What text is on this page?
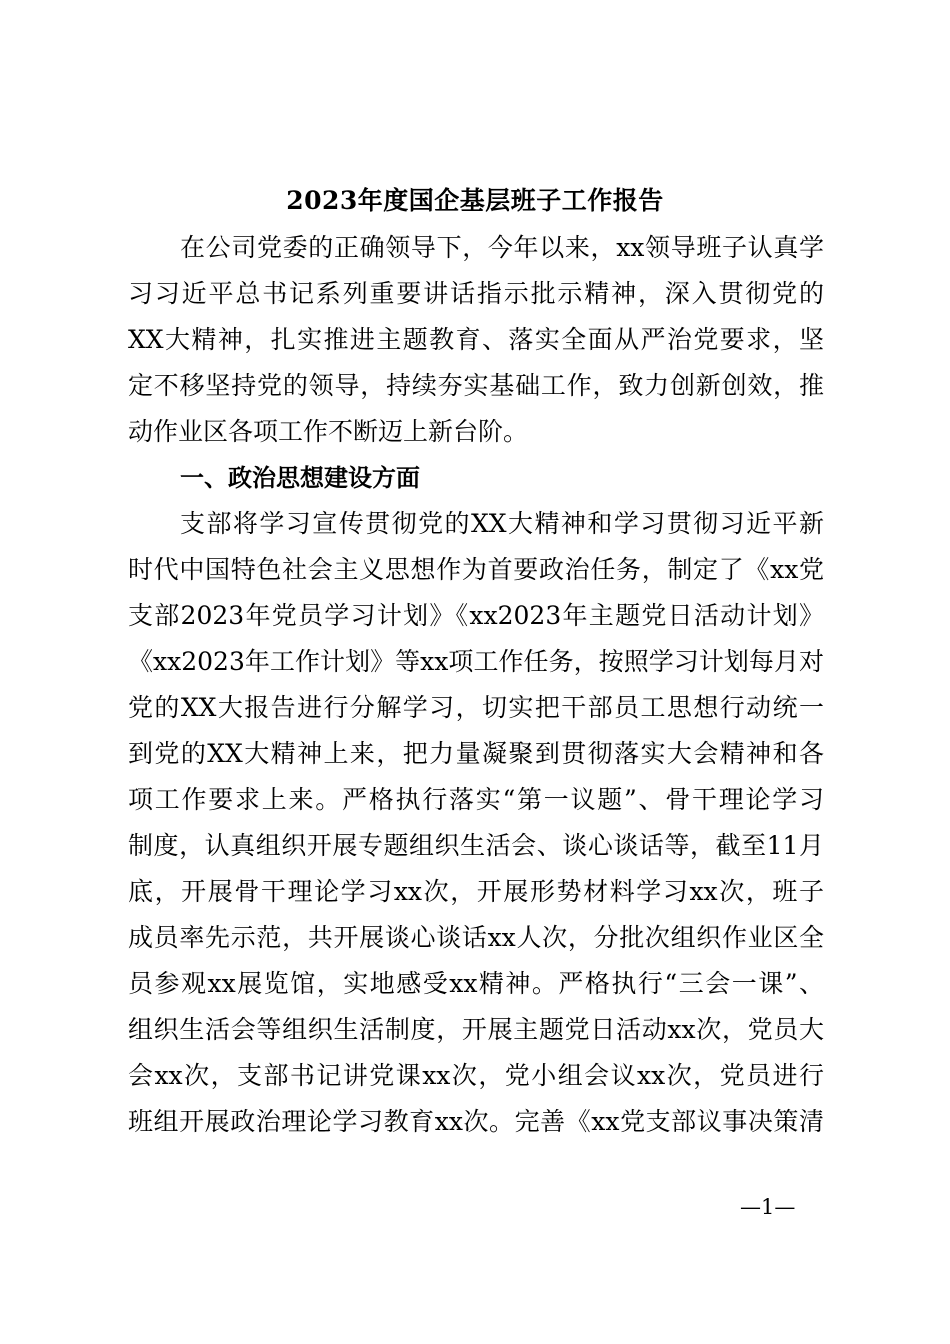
2023年度国企基层班子工作报告
在公司党委的正确领导下，今年以来，xx领导班子认真学
习习近平总书记系列重要讲话指示批示精神，深入贯彻党的
XX大精神，扎实推进主题教育、落实全面从严治党要求，坚
定不移坚持党的领导，持续夯实基础工作，致力创新创效，推
动作业区各项工作不断迈上新台阶。
一、政治思想建设方面
支部将学习宣传贯彻党的XX大精神和学习贯彻习近平新
时代中国特色社会主义思想作为首要政治任务，制定了《xx党
支部2023年党员学习计划》《xx2023年主题党日活动计划》
《xx2023年工作计划》等xx项工作任务，按照学习计划每月对
党的XX大报告进行分解学习，切实把干部员工思想行动统一
到党的XX大精神上来，把力量凝聚到贯彻落实大会精神和各
项工作要求上来。严格执行落实“第一议题”、骨干理论学习
制度，认真组织开展专题组织生活会、谈心谈话等，截至11月
底，开展骨干理论学习xx次，开展形势材料学习xx次，班子
成员率先示范，共开展谈心谈话xx人次，分批次组织作业区全
员参观xx展览馆，实地感受xx精神。严格执行“三会一课”、
组织生活会等组织生活制度，开展主题党日活动xx次，党员大
会xx次，支部书记讲党课xx次，党小组会议xx次，党员进行
班组开展政治理论学习教育xx次。完善《xx党支部议事决策清
—1—
